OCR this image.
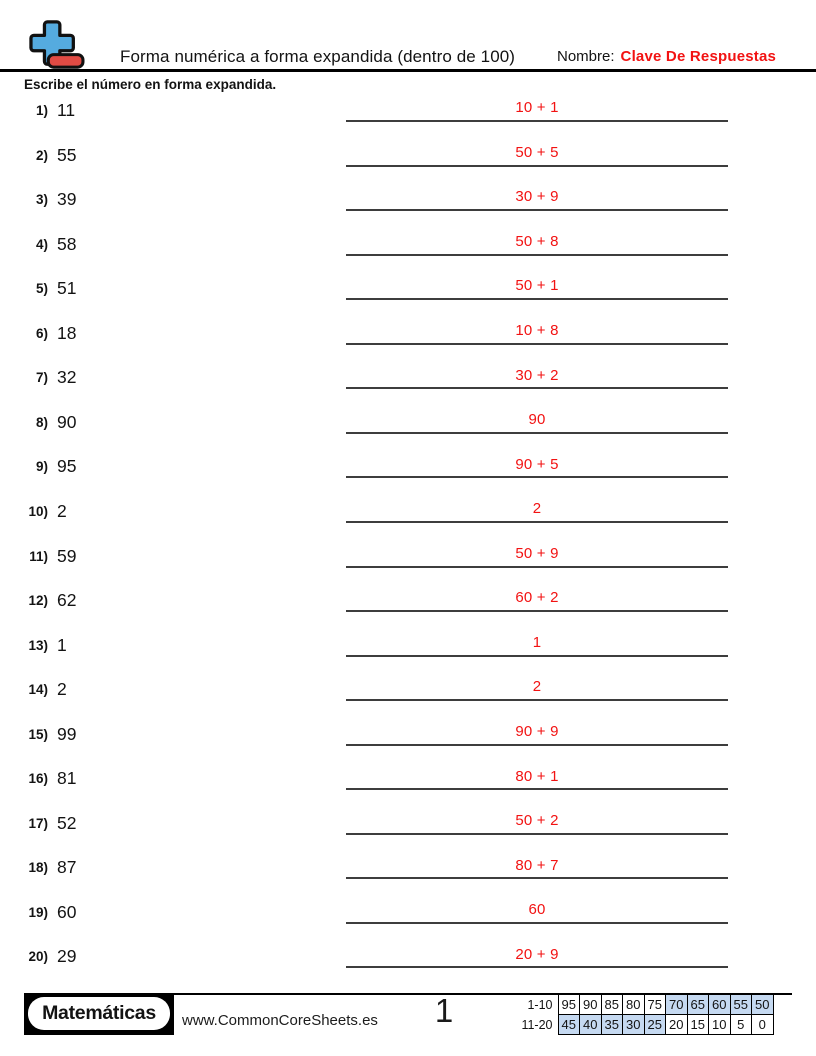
Forma numérica a forma expandida (dentro de 100)	Nombre: Clave De Respuestas
Escribe el número en forma expandida.
1) 11	10 + 1
2) 55	50 + 5
3) 39	30 + 9
4) 58	50 + 8
5) 51	50 + 1
6) 18	10 + 8
7) 32	30 + 2
8) 90	90
9) 95	90 + 5
10) 2	2
11) 59	50 + 9
12) 62	60 + 2
13) 1	1
14) 2	2
15) 99	90 + 9
16) 81	80 + 1
17) 52	50 + 2
18) 87	80 + 7
19) 60	60
20) 29	20 + 9
Matemáticas	www.CommonCoreSheets.es	1	1-10	95	90	85	80	75	70	65	60	55	50
11-20	45	40	35	30	25	20	15	10	5	0
